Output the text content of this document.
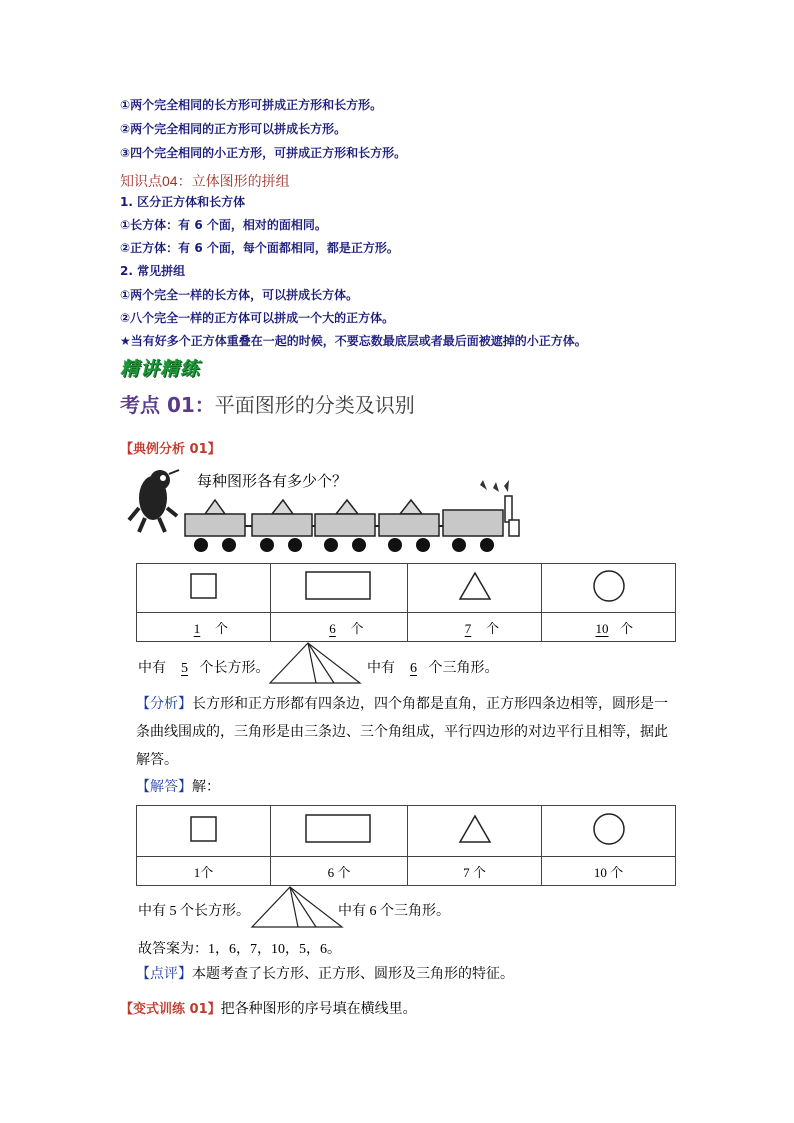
①两个完全相同的长方形可拼成正方形和长方形。
②两个完全相同的正方形可以拼成长方形。
③四个完全相同的小正方形，可拼成正方形和长方形。
知识点04：立体图形的拼组
1. 区分正方体和长方体
①长方体：有 6 个面，相对的面相同。
②正方体：有 6 个面，每个面都相同，都是正方形。
2. 常见拼组
①两个完全一样的长方体，可以拼成长方体。
②八个完全一样的正方体可以拼成一个大的正方体。
★当有好多个正方体重叠在一起的时候，不要忘数最底层或者最后面被遮掉的小正方体。
精讲精练
考点 01：平面图形的分类及识别
【典例分析 01】
每种图形各有多少个？

1 个	6 个	7 个	10 个
中有 5 个长方形。	中有 6 个三角形。
【分析】长方形和正方形都有四条边，四个角都是直角，正方形四条边相等，圆形是一条曲线围成的，三角形是由三条边、三个角组成，平行四边形的对边平行且相等，据此解答。
【解答】解：

1个	6 个	7 个	10 个
中有 5 个长方形。	中有 6 个三角形。
故答案为：1，6，7，10，5，6。
【点评】本题考查了长方形、正方形、圆形及三角形的特征。
【变式训练 01】把各种图形的序号填在横线里。
